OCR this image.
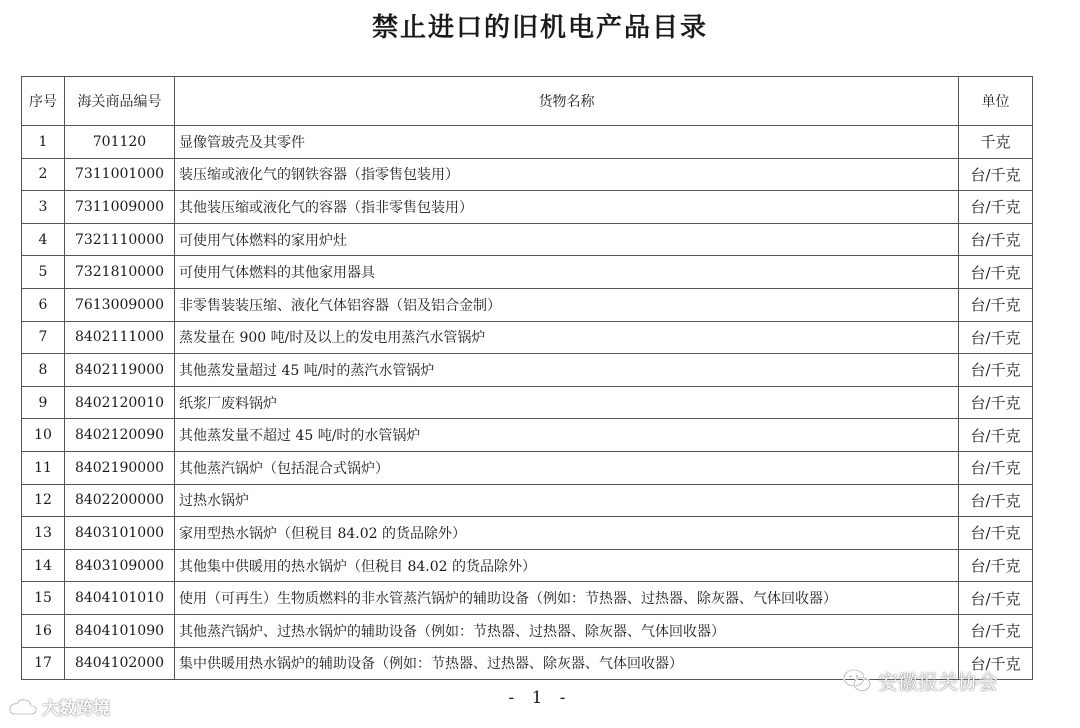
禁止进口的旧机电产品目录
序号	海关商品编号	货物名称	单位
1	701120	显像管玻壳及其零件	千克
2	7311001000	装压缩或液化气的钢铁容器（指零售包装用）	台/千克
3	7311009000	其他装压缩或液化气的容器（指非零售包装用）	台/千克
4	7321110000	可使用气体燃料的家用炉灶	台/千克
5	7321810000	可使用气体燃料的其他家用器具	台/千克
6	7613009000	非零售装装压缩、液化气体铝容器（铝及铝合金制）	台/千克
7	8402111000	蒸发量在 900 吨/时及以上的发电用蒸汽水管锅炉	台/千克
8	8402119000	其他蒸发量超过 45 吨/时的蒸汽水管锅炉	台/千克
9	8402120010	纸浆厂废料锅炉	台/千克
10	8402120090	其他蒸发量不超过 45 吨/时的水管锅炉	台/千克
11	8402190000	其他蒸汽锅炉（包括混合式锅炉）	台/千克
12	8402200000	过热水锅炉	台/千克
13	8403101000	家用型热水锅炉（但税目 84.02 的货品除外）	台/千克
14	8403109000	其他集中供暖用的热水锅炉（但税目 84.02 的货品除外）	台/千克
15	8404101010	使用（可再生）生物质燃料的非水管蒸汽锅炉的辅助设备（例如：节热器、过热器、除灰器、气体回收器）	台/千克
16	8404101090	其他蒸汽锅炉、过热水锅炉的辅助设备（例如：节热器、过热器、除灰器、气体回收器）	台/千克
17	8404102000	集中供暖用热水锅炉的辅助设备（例如：节热器、过热器、除灰器、气体回收器）	台/千克
- 1 -
大数跨境
安徽报关协会
